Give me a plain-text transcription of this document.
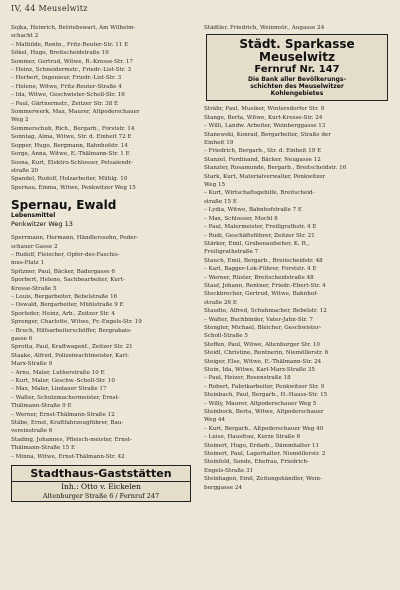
IV, 44 Meuselwitz
Sojka, Heinrich, Betriebswart, Am Wilhelm-
schacht 2
– Mathilde, Rentn., Fritz-Reuter-Str. 11 E
Sökel, Hugo, Breitscheidstraße 19
Sommer, Gertrud, Witwe, R.-Kresse-Str. 17
– Heinz, Schneidermstr., Friedr.-List-Str. 3
– Herbert, Ingenieur, Friedr.-List-Str. 3
– Helene, Witwe, Fritz-Reuter-Straße 4
– Ida, Witwe, Geschwister-Scholl-Str. 16
– Paul, Gärtnermstr., Zeitzer Str. 38 E
Sommerwerk, Max, Maurer, Altpoderschauer
Weg 2
Sommerschuh, Rich., Bergarb., Forststr. 14
Sonntag, Alma, Witwe, Str. d. Einheit 72 E
Sopper, Hugo, Bergmann, Bahnhofstr. 14
Sorge, Anna, Witwe, E.-Thälmann-Str. 1 E
Sosna, Kurt, Elektro-Schlosser, Petsaiendr-
straße 20
Spandel, Rudolf, Holzarbeiter, Mühlg. 10
Spernau, Emma, Witwe, Penkwitzer Weg 15
Spernau, Ewald
Lebensmittel
Penkwitzer Weg 13
Sperrmann, Hermann, Händlerssohn, Poder-
schauer Gasse 2
– Rudolf, Fleischer, Opfer-des-Faschis-
mus-Platz 1
Spitzner, Paul, Bäcker, Badergasse 6
Sporbert, Helene, Sachbearbeiter, Kurt-
Kresse-Straße 5
– Louis, Bergarbeiter, Bebelstraße 16
– Oswald, Bergarbeiter, Mühlstraße 9 E
Sporleder, Heinz, Arb., Zeitzer Str. 4
Sprenger, Charlotte, Witwe, Fr.-Engels-Str. 19
– Bruch, Hilfsarbeiterschöffer, Bergrabais-
gasse 6
Sprotta, Paul, Kraftwagenf., Zeitzer Str. 21
Staake, Alfred, Polizeiwachtmeister, Karl-
Marx-Straße 9
– Arno, Maler, Lutherstraße 10 E
– Kurt, Maler, Geschw.-Scholl-Str. 10
– Max, Maler, Lindauer Straße 17
– Walter, Schutzmachermeister, Ernst-
Thälmann-Straße 9 E
– Werner, Ernst-Thälmann-Straße 12
Stäbe, Ernst, Kraftfahrzeugführer, Bau-
vereinstraße 6
Stading, Johannes, Pfleisch-meister, Ernst-
Thälmann-Straße 15 E
– Minna, Witwe, Ernst-Thälmann-Str. 42
Stadthaus-Gaststätten
Inh.: Otto v. Eickelen
Altenburger Straße 6 / Fernruf 247
Städtler, Friedrich, Weinmstr., Augasse 24
Städt. Sparkasse
Meuselwitz
Fernruf Nr. 147
Die Bank aller Bevölkerungs-
schichten des Meuselwitzer
Kohlengebietes
Strähr, Paul, Musiker, Wintersdorfer Str. 9
Stange, Berta, Witwe, Kurt-Kresse-Str. 24
– Willi, Landw. Arbeiter, Weinberggasse 13
Stanewski, Konrad, Bergarbeiter, Straße der
Einheit 19
– Friedrich, Bergarb., Str. d. Einheit 19 E
Stanzel, Ferdinand, Bäcker, Neugasse 12
Stanzler, Rosamunde, Bergarb., Breitscheidstr. 16
Stark, Kurt, Materialverwalter, Penkwitzer
Weg 15
– Kurt, Wirtschaftsgehilfe, Breitscheid-
straße 15 E
– Lydia, Witwe, Bahnhofstraße 7 E
– Max, Schlosser, Mochl 8
– Paul, Malermeister, Freiligrathstr. 4 E
– Rudi, Geschäftsführer, Zeitzer Str. 21
Stärker, Emil, Grubenaufseher, K. R.,
Freiligrathstraße 7
Stauch, Emil, Bergarb., Breitscheidstr. 48
– Karl, Bagger-Lok-Führer, Forststr. 4 E
– Werner, Rüster, Breitscheidstraße 48
Stauf, Johann, Rentner, Friedr.-Ebert-Str. 4
Steckbrecher, Gertrud, Witwe, Bahnhof-
straße 26 E
Staudte, Alfred, Schuhmacher, Bebelstr. 12
– Walter, Buchbinder, Vater-Jahn-Str. 7
Stengler, Michael, Bleicher, Geschwister-
Scholl-Straße 5
Steffen, Paul, Witwe, Altenburger Str. 10
Steidl, Christine, Rentnerin, Niemöllerstr. 6
Steiger, Else, Witwe, E.-Thälmann-Str. 24
Stein, Ida, Witwe, Karl-Marx-Straße 35
– Paul, Heizer, Rosenstraße 18
– Robert, Fabrikarbeiter, Penkwitzer Str. 9
Steinbach, Paul, Bergarb., H.-Hauss-Str. 15
– Willy, Maurer, Altpoderschauer Weg 5
Steinbock, Berta, Witwe, Altpoderschauer
Weg 44
– Kurt, Bergarb., Altpoderschauer Weg 40
– Luise, Hausfrau, Kurze Straße 6
Steinert, Hugo, Erdarb., Dämmhalter 11
Steinert, Paul, Lagerhalter, Niemöllerstr. 2
Steinfeld, Sonde, Ehefrau, Friedrich-
Engels-Straße 31
Steinhagen, Emil, Zeitungshändler, Wein-
berggasse 24
